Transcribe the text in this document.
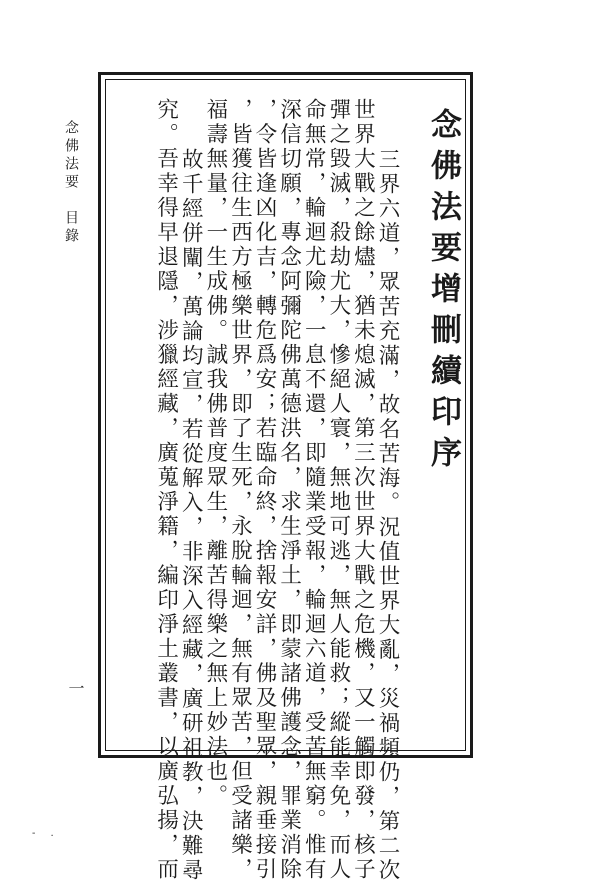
念佛法要目錄
一
- .
念佛法要增刪續印序
三界六道，眾苦充滿，故名苦海。況值世界大亂，災禍頻仍，第二次
世界大戰之餘燼，猶未熄滅，第三次世界大戰之危機，又一觸即發，核子
彈之毀滅，殺劫尤大，慘絕人寰，無地可逃，無人能救；縱能幸免，而人
命無常，輪迴尤險，一息不還，即隨業受報，輪迴六道，受苦無窮。惟有
深信切願，專念阿彌陀佛萬德洪名，求生淨土，即蒙諸佛護念，罪業消除
，令皆逢凶化吉，轉危爲安；若臨命終，捨報安詳，佛及聖眾，親垂接引
，皆獲往生西方極樂世界，即了生死，永脫輪迴，無有眾苦，但受諸樂，
福壽無量，一生成佛。誠我佛普度眾生，離苦得樂之無上妙法也。
故千經併闡，萬論均宣，若從解入，非深入經藏，廣研祖教，決難尋
究。吾幸得早退隱，涉獵經藏，廣蒐淨籍，編印淨土叢書，以廣弘揚，而
